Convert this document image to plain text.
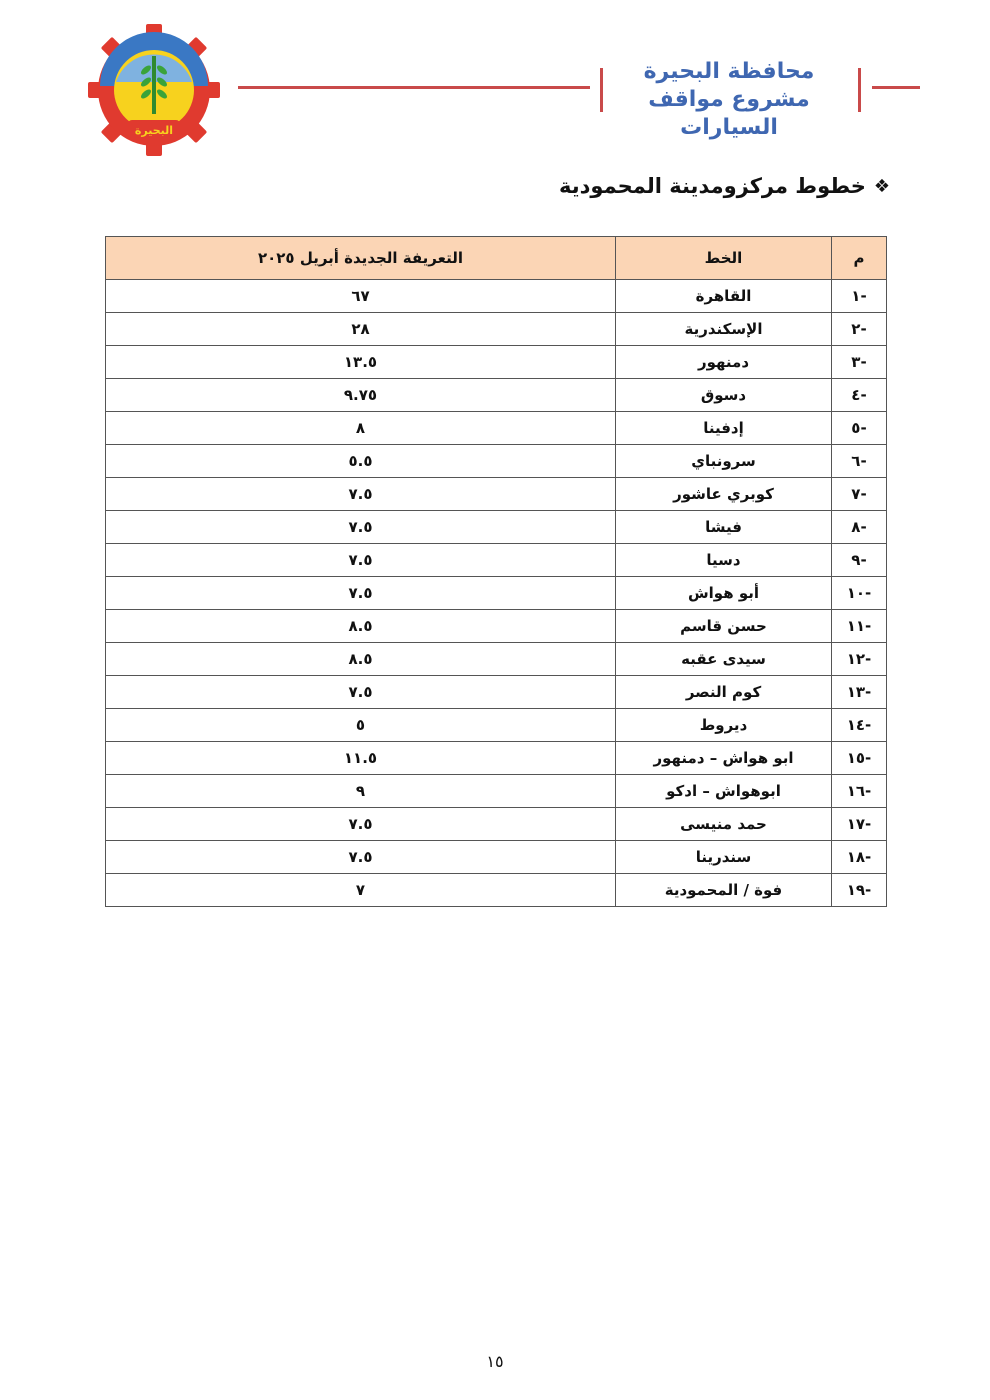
البحيرة
محافظة البحيرة
مشروع مواقف السيارات
❖
خطوط مركزومدينة المحمودية
م	الخط	التعريفة الجديدة أبريل ٢٠٢٥
-١	القاهرة	٦٧
-٢	الإسكندرية	٢٨
-٣	دمنهور	١٣.٥
-٤	دسوق	٩.٧٥
-٥	إدفينا	٨
-٦	سرونباي	٥.٥
-٧	كوبري عاشور	٧.٥
-٨	فيشا	٧.٥
-٩	دسيا	٧.٥
-١٠	أبو هواش	٧.٥
-١١	حسن قاسم	٨.٥
-١٢	سيدى عقبه	٨.٥
-١٣	كوم النصر	٧.٥
-١٤	ديروط	٥
-١٥	ابو هواش – دمنهور	١١.٥
-١٦	ابوهواش – ادكو	٩
-١٧	حمد منيسى	٧.٥
-١٨	سندرينا	٧.٥
-١٩	فوة / المحمودية	٧
١٥
